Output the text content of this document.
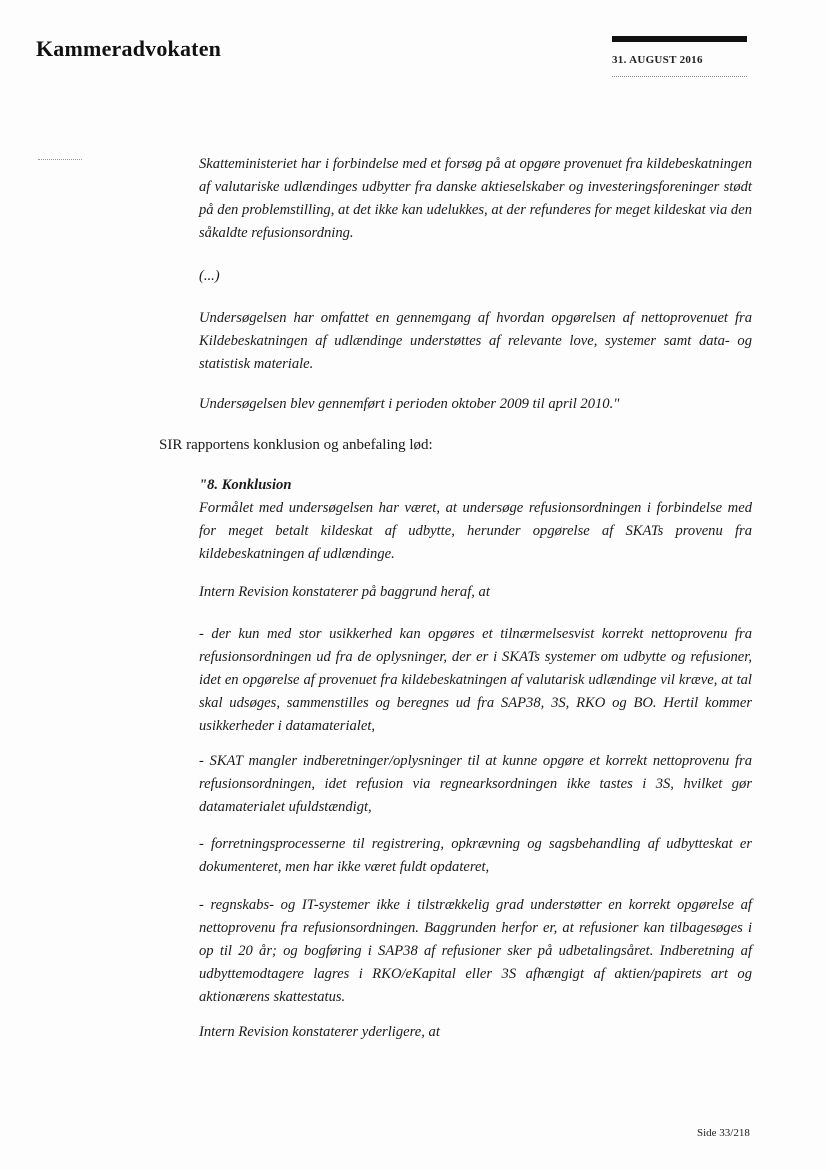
Kammeradvokaten	31. AUGUST 2016

Skatteministeriet har i forbindelse med et forsøg på at opgøre provenuet fra kildebeskatningen af valutariske udlændinges udbytter fra danske aktieselskaber og investeringsforeninger stødt på den problemstilling, at det ikke kan udelukkes, at der refunderes for meget kildeskat via den såkaldte refusionsordning.

(...)

Undersøgelsen har omfattet en gennemgang af hvordan opgørelsen af nettoprovenuet fra Kildebeskatningen af udlændinge understøttes af relevante love, systemer samt data- og statistisk materiale.

Undersøgelsen blev gennemført i perioden oktober 2009 til april 2010."

SIR rapportens konklusion og anbefaling lød:

"8. Konklusion

Formålet med undersøgelsen har været, at undersøge refusionsordningen i forbindelse med for meget betalt kildeskat af udbytte, herunder opgørelse af SKATs provenu fra kildebeskatningen af udlændinge.

Intern Revision konstaterer på baggrund heraf, at

- der kun med stor usikkerhed kan opgøres et tilnærmelsesvist korrekt nettoprovenu fra refusionsordningen ud fra de oplysninger, der er i SKATs systemer om udbytte og refusioner, idet en opgørelse af provenuet fra kildebeskatningen af valutarisk udlændinge vil kræve, at tal skal udsøges, sammenstilles og beregnes ud fra SAP38, 3S, RKO og BO. Hertil kommer usikkerheder i datamaterialet,

- SKAT mangler indberetninger/oplysninger til at kunne opgøre et korrekt nettoprovenu fra refusionsordningen, idet refusion via regnearksordningen ikke tastes i 3S, hvilket gør datamaterialet ufuldstændigt,

- forretningsprocesserne til registrering, opkrævning og sagsbehandling af udbytteskat er dokumenteret, men har ikke været fuldt opdateret,

- regnskabs- og IT-systemer ikke i tilstrækkelig grad understøtter en korrekt opgørelse af nettoprovenu fra refusionsordningen. Baggrunden herfor er, at refusioner kan tilbagesøges i op til 20 år; og bogføring i SAP38 af refusioner sker på udbetalingsåret. Indberetning af udbyttemodtagere lagres i RKO/eKapital eller 3S afhængigt af aktien/papirets art og aktionærens skattestatus.

Intern Revision konstaterer yderligere, at

Side 33/218
